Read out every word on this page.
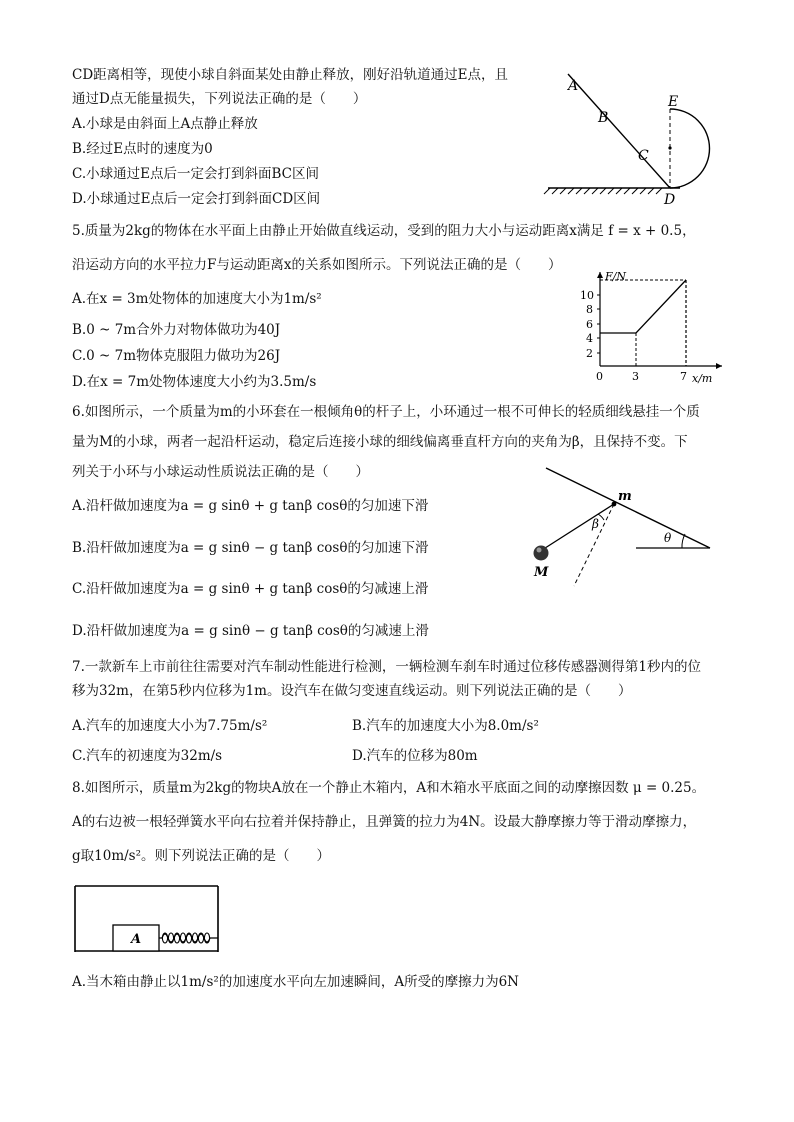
CD距离相等，现使小球自斜面某处由静止释放，刚好沿轨道通过E点，且
通过D点无能量损失，下列说法正确的是（　　）
A.小球是由斜面上A点静止释放
B.经过E点时的速度为0
C.小球通过E点后一定会打到斜面BC区间
D.小球通过E点后一定会打到斜面CD区间
A
B
C
E
D
5.质量为2kg的物体在水平面上由静止开始做直线运动，受到的阻力大小与运动距离x满足 f = x + 0.5，
沿运动方向的水平拉力F与运动距离x的关系如图所示。下列说法正确的是（　　）
A.在x = 3m处物体的加速度大小为1m/s²
B.0 ~ 7m合外力对物体做功为40J
C.0 ~ 7m物体克服阻力做功为26J
D.在x = 7m处物体速度大小约为3.5m/s
F/N
x/m
2
4
6
8
10
0	3	7
6.如图所示，一个质量为m的小环套在一根倾角θ的杆子上，小环通过一根不可伸长的轻质细线悬挂一个质
量为M的小球，两者一起沿杆运动，稳定后连接小球的细线偏离垂直杆方向的夹角为β，且保持不变。下
列关于小环与小球运动性质说法正确的是（　　）
A.沿杆做加速度为a = g sinθ + g tanβ cosθ的匀加速下滑
B.沿杆做加速度为a = g sinθ − g tanβ cosθ的匀加速下滑
C.沿杆做加速度为a = g sinθ + g tanβ cosθ的匀减速上滑
D.沿杆做加速度为a = g sinθ − g tanβ cosθ的匀减速上滑
m
β
θ
M
7.一款新车上市前往往需要对汽车制动性能进行检测，一辆检测车刹车时通过位移传感器测得第1秒内的位
移为32m，在第5秒内位移为1m。设汽车在做匀变速直线运动。则下列说法正确的是（　　）
A.汽车的加速度大小为7.75m/s²	B.汽车的加速度大小为8.0m/s²
C.汽车的初速度为32m/s	D.汽车的位移为80m
8.如图所示，质量m为2kg的物块A放在一个静止木箱内，A和木箱水平底面之间的动摩擦因数 μ = 0.25。
A的右边被一根轻弹簧水平向右拉着并保持静止，且弹簧的拉力为4N。设最大静摩擦力等于滑动摩擦力，
g取10m/s²。则下列说法正确的是（　　）
A
A.当木箱由静止以1m/s²的加速度水平向左加速瞬间，A所受的摩擦力为6N
